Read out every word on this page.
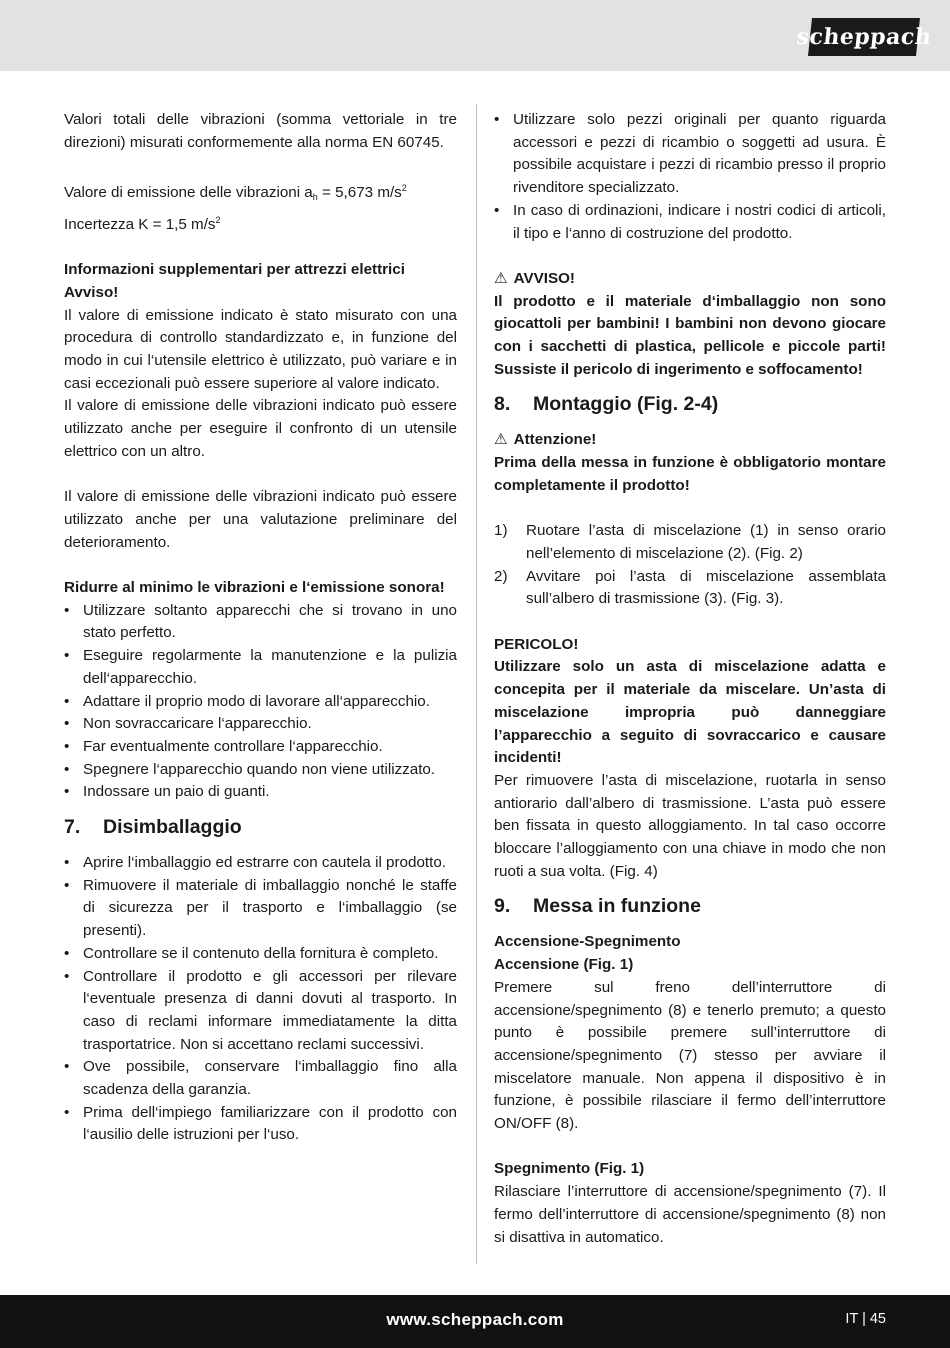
scheppach

Valori totali delle vibrazioni (somma vettoriale in tre direzioni) misurati conformemente alla norma EN 60745.

Valore di emissione delle vibrazioni $a_h = 5,673$ $m/s^2$

Incertezza K = 1,5 $m/s^2$

Informazioni supplementari per attrezzi elettrici

Avviso!

Il valore di emissione indicato è stato misurato con una procedura di controllo standardizzato e, in funzione del modo in cui l‘utensile elettrico è utilizzato, può variare e in casi eccezionali può essere superiore al valore indicato.

Il valore di emissione delle vibrazioni indicato può essere utilizzato anche per eseguire il confronto di un utensile elettrico con un altro.

Il valore di emissione delle vibrazioni indicato può essere utilizzato anche per una valutazione preliminare del deterioramento.

Ridurre al minimo le vibrazioni e l‘emissione sonora!

• Utilizzare soltanto apparecchi che si trovano in uno stato perfetto.
• Eseguire regolarmente la manutenzione e la pulizia dell‘apparecchio.
• Adattare il proprio modo di lavorare all‘apparecchio.
• Non sovraccaricare l‘apparecchio.
• Far eventualmente controllare l‘apparecchio.
• Spegnere l‘apparecchio quando non viene utilizzato.
• Indossare un paio di guanti.
7. Disimballaggio
• Aprire l‘imballaggio ed estrarre con cautela il prodotto.
• Rimuovere il materiale di imballaggio nonché le staffe di sicurezza per il trasporto e l‘imballaggio (se presenti).
• Controllare se il contenuto della fornitura è completo.
• Controllare il prodotto e gli accessori per rilevare l‘eventuale presenza di danni dovuti al trasporto. In caso di reclami informare immediatamente la ditta trasportatrice. Non si accettano reclami successivi.
• Ove possibile, conservare l‘imballaggio fino alla scadenza della garanzia.
• Prima dell‘impiego familiarizzare con il prodotto con l‘ausilio delle istruzioni per l‘uso.
• Utilizzare solo pezzi originali per quanto riguarda accessori e pezzi di ricambio o soggetti ad usura. È possibile acquistare i pezzi di ricambio presso il proprio rivenditore specializzato.
• In caso di ordinazioni, indicare i nostri codici di articoli, il tipo e l‘anno di costruzione del prodotto.

⚠ AVVISO!

Il prodotto e il materiale d‘imballaggio non sono giocattoli per bambini! I bambini non devono giocare con i sacchetti di plastica, pellicole e piccole parti! Sussiste il pericolo di ingerimento e soffocamento!

8. Montaggio (Fig. 2-4)

⚠ Attenzione!

Prima della messa in funzione è obbligatorio montare completamente il prodotto!

1) Ruotare l’asta di miscelazione (1) in senso orario nell’elemento di miscelazione (2). (Fig. 2)
2) Avvitare poi l’asta di miscelazione assemblata sull’albero di trasmissione (3). (Fig. 3).

PERICOLO!

Utilizzare solo un asta di miscelazione adatta e concepita per il materiale da miscelare. Un’asta di miscelazione impropria può danneggiare l’apparecchio a seguito di sovraccarico e causare incidenti!

Per rimuovere l’asta di miscelazione, ruotarla in senso antiorario dall’albero di trasmissione. L’asta può essere ben fissata in questo alloggiamento. In tal caso occorre bloccare l’alloggiamento con una chiave in modo che non ruoti a sua volta. (Fig. 4)

9. Messa in funzione

Accensione-Spegnimento

Accensione (Fig. 1)

Premere sul freno dell’interruttore di accensione/spegnimento (8) e tenerlo premuto; a questo punto è possibile premere sull’interruttore di accensione/spegnimento (7) stesso per avviare il miscelatore manuale. Non appena il dispositivo è in funzione, è possibile rilasciare il fermo dell’interruttore ON/OFF (8).

Spegnimento (Fig. 1)

Rilasciare l’interruttore di accensione/spegnimento (7). Il fermo dell’interruttore di accensione/spegnimento (8) non si disattiva in automatico.

www.scheppach.com	IT | 45
